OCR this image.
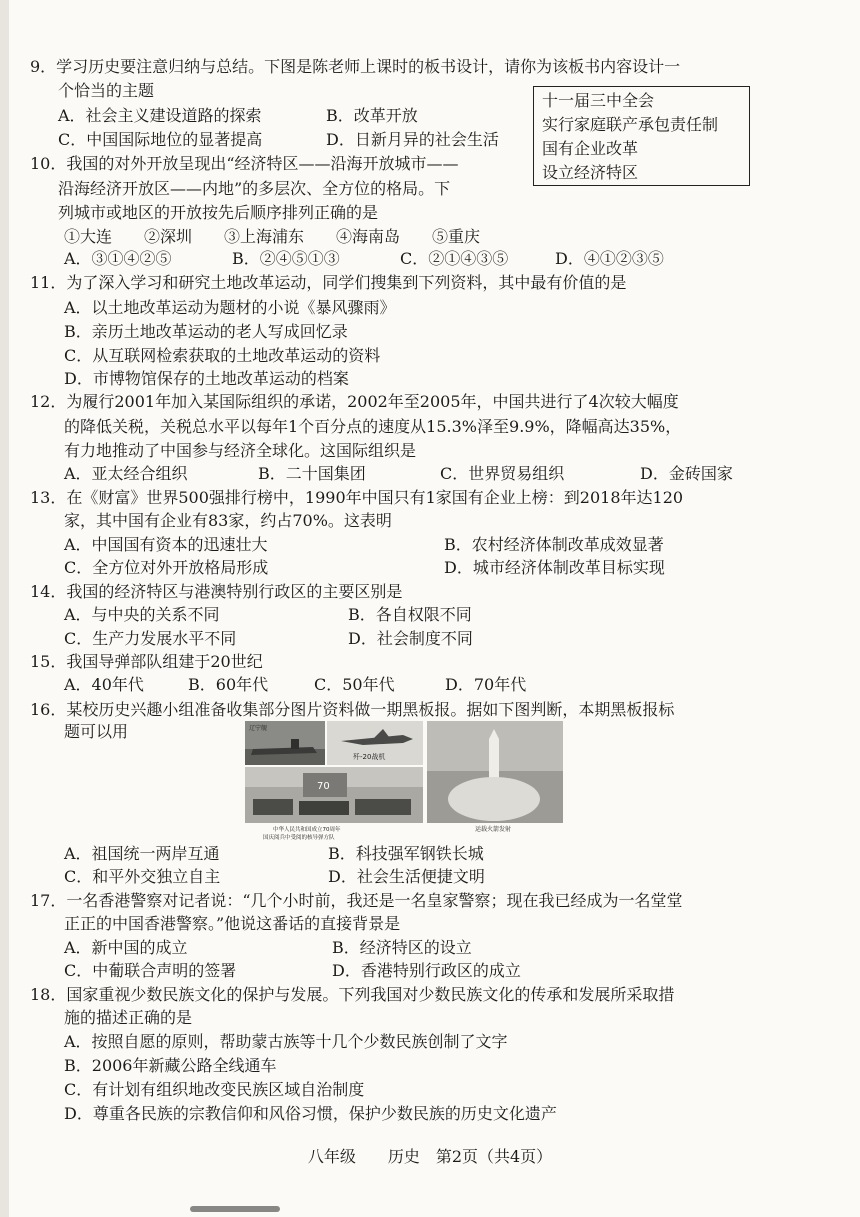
9．学习历史要注意归纳与总结。下图是陈老师上课时的板书设计，请你为该板书内容设计一
个恰当的主题
A．社会主义建设道路的探索	B．改革开放
C．中国国际地位的显著提高	D．日新月异的社会生活
十一届三中全会
实行家庭联产承包责任制
国有企业改革
设立经济特区
10．我国的对外开放呈现出“经济特区——沿海开放城市——
沿海经济开放区——内地”的多层次、全方位的格局。下
列城市或地区的开放按先后顺序排列正确的是
①大连　　②深圳　　③上海浦东　　④海南岛　　⑤重庆
A．③①④②⑤	B．②④⑤①③	C．②①④③⑤	D．④①②③⑤
11．为了深入学习和研究土地改革运动，同学们搜集到下列资料，其中最有价值的是
A．以土地改革运动为题材的小说《暴风骤雨》
B．亲历土地改革运动的老人写成回忆录
C．从互联网检索获取的土地改革运动的资料
D．市博物馆保存的土地改革运动的档案
12．为履行2001年加入某国际组织的承诺，2002年至2005年，中国共进行了4次较大幅度
的降低关税，关税总水平以每年1个百分点的速度从15.3%泽至9.9%，降幅高达35%，
有力地推动了中国参与经济全球化。这国际组织是
A．亚太经合组织	B．二十国集团	C．世界贸易组织	D．金砖国家
13．在《财富》世界500强排行榜中，1990年中国只有1家国有企业上榜：到2018年达120
家，其中国有企业有83家，约占70%。这表明
A．中国国有资本的迅速壮大	B．农村经济体制改革成效显著
C．全方位对外开放格局形成	D．城市经济体制改革目标实现
14．我国的经济特区与港澳特别行政区的主要区别是
A．与中央的关系不同	B．各自权限不同
C．生产力发展水平不同	D．社会制度不同
15．我国导弹部队组建于20世纪
A．40年代	B．60年代	C．50年代	D．70年代
16．某校历史兴趣小组准备收集部分图片资料做一期黑板报。据如下图判断，本期黑板报标
题可以用	辽宁舰
歼-20战机
70
中华人民共和国成立70周年
国庆阅兵中受阅的核导弹方队
运载火箭发射
A．祖国统一两岸互通	B．科技强军钢铁长城
C．和平外交独立自主	D．社会生活便捷文明
17．一名香港警察对记者说：“几个小时前，我还是一名皇家警察；现在我已经成为一名堂堂
正正的中国香港警察。”他说这番话的直接背景是
A．新中国的成立	B．经济特区的设立
C．中葡联合声明的签署	D．香港特别行政区的成立
18．国家重视少数民族文化的保护与发展。下列我国对少数民族文化的传承和发展所采取措
施的描述正确的是
A．按照自愿的原则，帮助蒙古族等十几个少数民族创制了文字
B．2006年新藏公路全线通车
C．有计划有组织地改变民族区域自治制度
D．尊重各民族的宗教信仰和风俗习惯，保护少数民族的历史文化遗产
八年级　　历史　第2页（共4页）
